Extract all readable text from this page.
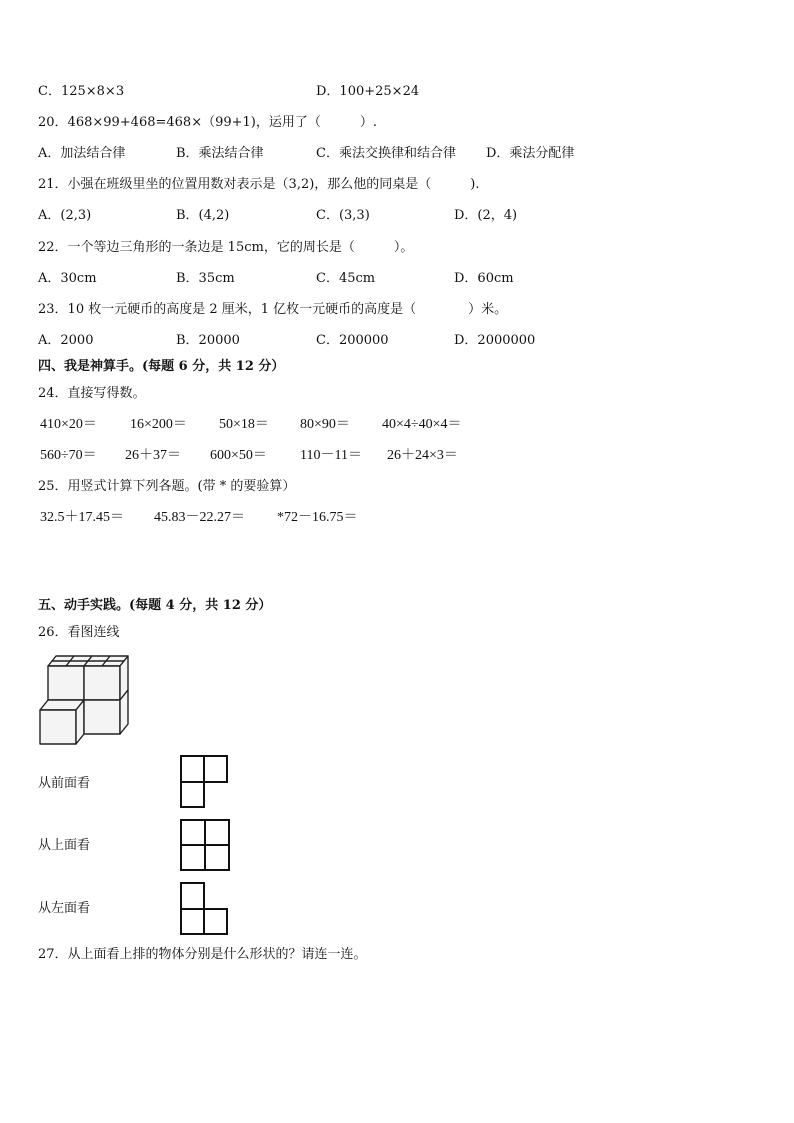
C．125×8×3	D．100+25×24
20．468×99+468=468×（99+1)，运用了（　　　）.
A．加法结合律	B．乘法结合律	C．乘法交换律和结合律 D．乘法分配律
21．小强在班级里坐的位置用数对表示是（3,2)，那么他的同桌是（　　　).
A．(2,3)	B．(4,2)	C．(3,3)	D．(2，4)
22．一个等边三角形的一条边是 15cm，它的周长是（　　　）。
A．30cm	B．35cm	C．45cm	D．60cm
23．10 枚一元硬币的高度是 2 厘米，1 亿枚一元硬币的高度是（　　　　）米。
A．2000	B．20000	C．200000	D．2000000
四、我是神算手。(每题 6 分，共 12 分）
24．直接写得数。
410×20＝ 16×200＝ 50×18＝ 80×90＝ 40×4÷40×4＝
560÷70＝ 26＋37＝ 600×50＝ 110－11＝ 26＋24×3＝
25．用竖式计算下列各题。(带 * 的要验算）
32.5＋17.45＝ 45.83－22.27＝ *72－16.75＝
五、动手实践。(每题 4 分，共 12 分）
26．看图连线
从前面看
从上面看
从左面看
27．从上面看上排的物体分别是什么形状的？请连一连。
